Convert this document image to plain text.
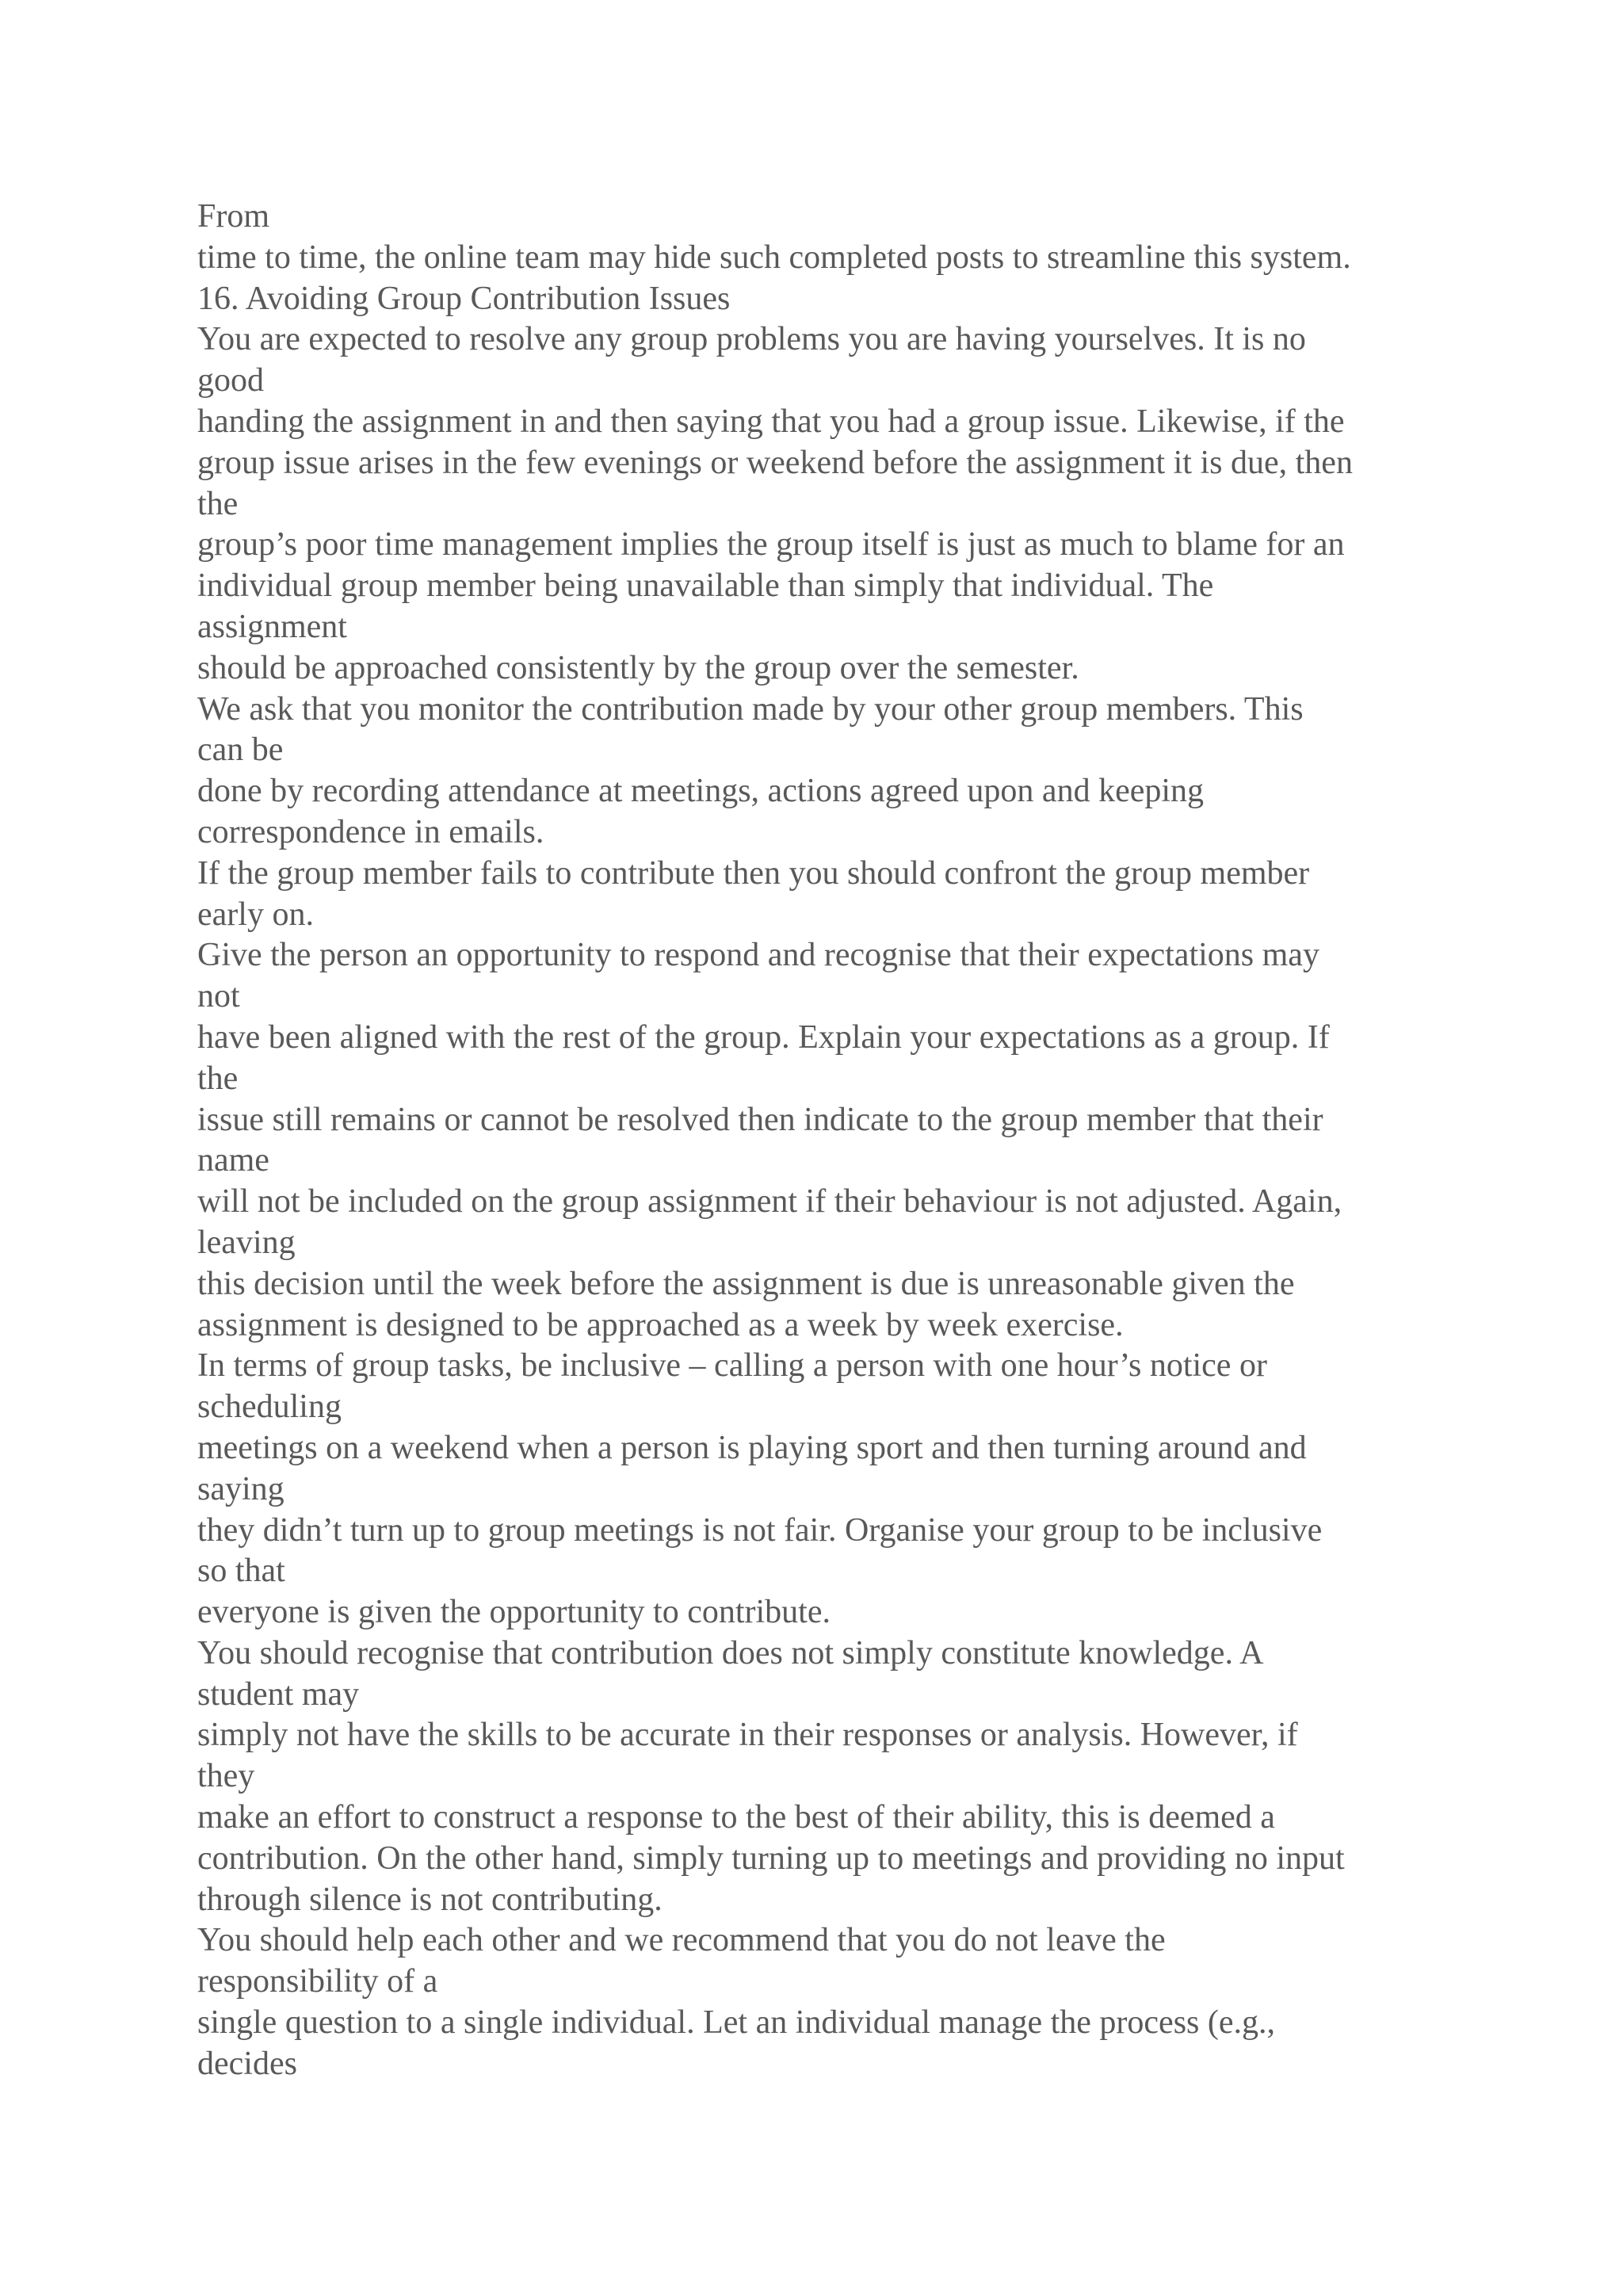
From
time to time, the online team may hide such completed posts to streamline this system.
16. Avoiding Group Contribution Issues
You are expected to resolve any group problems you are having yourselves. It is no
good
handing the assignment in and then saying that you had a group issue. Likewise, if the
group issue arises in the few evenings or weekend before the assignment it is due, then
the
group’s poor time management implies the group itself is just as much to blame for an
individual group member being unavailable than simply that individual. The
assignment
should be approached consistently by the group over the semester.
We ask that you monitor the contribution made by your other group members. This
can be
done by recording attendance at meetings, actions agreed upon and keeping
correspondence in emails.
If the group member fails to contribute then you should confront the group member
early on.
Give the person an opportunity to respond and recognise that their expectations may
not
have been aligned with the rest of the group. Explain your expectations as a group. If
the
issue still remains or cannot be resolved then indicate to the group member that their
name
will not be included on the group assignment if their behaviour is not adjusted. Again,
leaving
this decision until the week before the assignment is due is unreasonable given the
assignment is designed to be approached as a week by week exercise.
In terms of group tasks, be inclusive – calling a person with one hour’s notice or
scheduling
meetings on a weekend when a person is playing sport and then turning around and
saying
they didn’t turn up to group meetings is not fair. Organise your group to be inclusive
so that
everyone is given the opportunity to contribute.
You should recognise that contribution does not simply constitute knowledge. A
student may
simply not have the skills to be accurate in their responses or analysis. However, if
they
make an effort to construct a response to the best of their ability, this is deemed a
contribution. On the other hand, simply turning up to meetings and providing no input
through silence is not contributing.
You should help each other and we recommend that you do not leave the
responsibility of a
single question to a single individual. Let an individual manage the process (e.g.,
decides
